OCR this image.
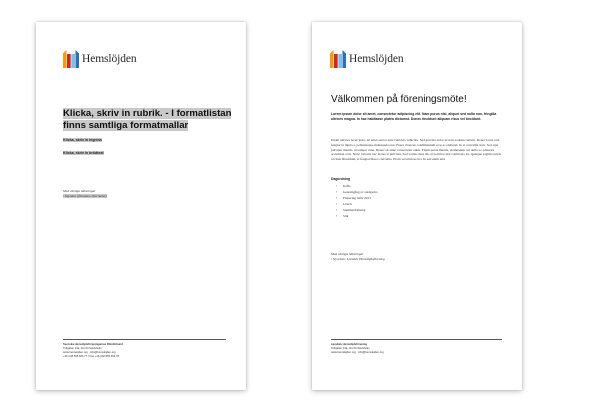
Hemslöjden
Klicka, skriv in rubrik. - I formatlistan finns samtliga formatmallar
Klicka, skriv in ingress
Klicka, skriv in brödtext
Med vänliga hälsningar
/ Signatur (förnamn, efternamn)
Svenska Hemslöjdsföreningarnas Riksförbund
Tullgatan 13a, 111 04 Stockholm
www.hemslojden.org · info@hemslojden.org
+46 (0)8 555 666 77 / Fax +46 (0)8 555 666 78
Hemslöjden
Välkommen på föreningsmöte!

Lorem ipsum dolor sit amet, consectetur adipiscing elit. Nam purus nisi, aliquet sed nulla non, fringilla ultrices magna. In hac habitasse platea dictumst. Donec tincidunt aliquam risus vel tincidunt.

Etiam ultrices lacus justo, sit amet auctor ante vehicula vehicula. Sed gravida dolor id arcu sodales rutrum. Donec lacus orci, feugiat in ligula a, pellentesque malesuada erat. Fusce rhoncus condimentum eros ac eleifend. In et convallis arcu. Sed eget pulvinar mauris, ut tempor urna. Donec sit amet consectetur enim. Etiam purus mauris, elementum vel nulla ac, pharetra accumsan arcu. Nunc lobortis nec lectus at pulvinar. Sed varius risus mi, ut porttitor nisi commodo eu. Quisque sagittis turpis ut risus bibendum, et feugiat libero convallis. Proin vel ultrices leo. In sed enim nisl.

Dagordning
• Kaffe
• Genomgång av stadgarna
• Planering inför 2015
• Lunch
• Sammanfattning
• Slut
Med vänliga hälsningar
/ Styrelsen, Ljusdals Hemslöjdsförening
Ljusdals Hemslöjdsförening
Tullgatan 13a, 111 04 Stockholm
www.hemslojden.org · info@hemslojden.org
